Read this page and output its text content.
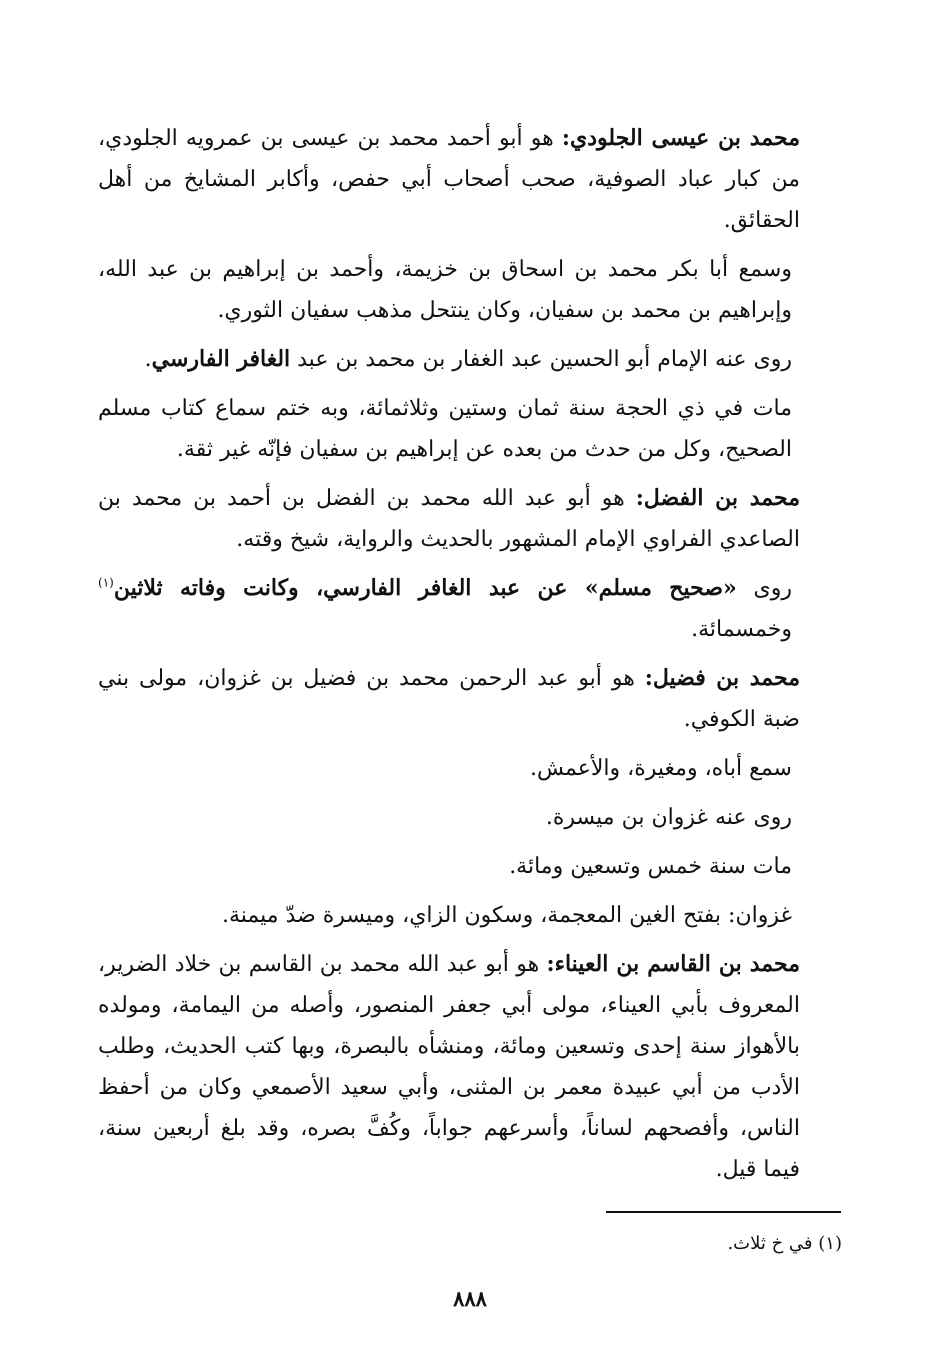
محمد بن عيسى الجلودي: هو أبو أحمد محمد بن عيسى بن عمرويه الجلودي، من كبار عباد الصوفية، صحب أصحاب أبي حفص، وأكابر المشايخ من أهل الحقائق.

وسمع أبا بكر محمد بن اسحاق بن خزيمة، وأحمد بن إبراهيم بن عبد الله، وإبراهيم بن محمد بن سفيان، وكان ينتحل مذهب سفيان الثوري.

روى عنه الإمام أبو الحسين عبد الغفار بن محمد بن عبد الغافر الفارسي.

مات في ذي الحجة سنة ثمان وستين وثلاثمائة، وبه ختم سماع كتاب مسلم الصحيح، وكل من حدث من بعده عن إبراهيم بن سفيان فإنّه غير ثقة.

محمد بن الفضل: هو أبو عبد الله محمد بن الفضل بن أحمد بن محمد بن الصاعدي الفراوي الإمام المشهور بالحديث والرواية، شيخ وقته.

روى «صحيح مسلم» عن عبد الغافر الفارسي، وكانت وفاته ثلاثين$^{(١)}$ وخمسمائة.

محمد بن فضيل: هو أبو عبد الرحمن محمد بن فضيل بن غزوان، مولى بني ضبة الكوفي.

سمع أباه، ومغيرة، والأعمش.

روى عنه غزوان بن ميسرة.

مات سنة خمس وتسعين ومائة.

غزوان: بفتح الغين المعجمة، وسكون الزاي، وميسرة ضدّ ميمنة.

محمد بن القاسم بن العيناء: هو أبو عبد الله محمد بن القاسم بن خلاد الضرير، المعروف بأبي العيناء، مولى أبي جعفر المنصور، وأصله من اليمامة، ومولده بالأهواز سنة إحدى وتسعين ومائة، ومنشأه بالبصرة، وبها كتب الحديث، وطلب الأدب من أبي عبيدة معمر بن المثنى، وأبي سعيد الأصمعي وكان من أحفظ الناس، وأفصحهم لساناً، وأسرعهم جواباً، وكُفَّ بصره، وقد بلغ أربعين سنة، فيما قيل.

(١) في خ ثلاث.
٨٨٨
